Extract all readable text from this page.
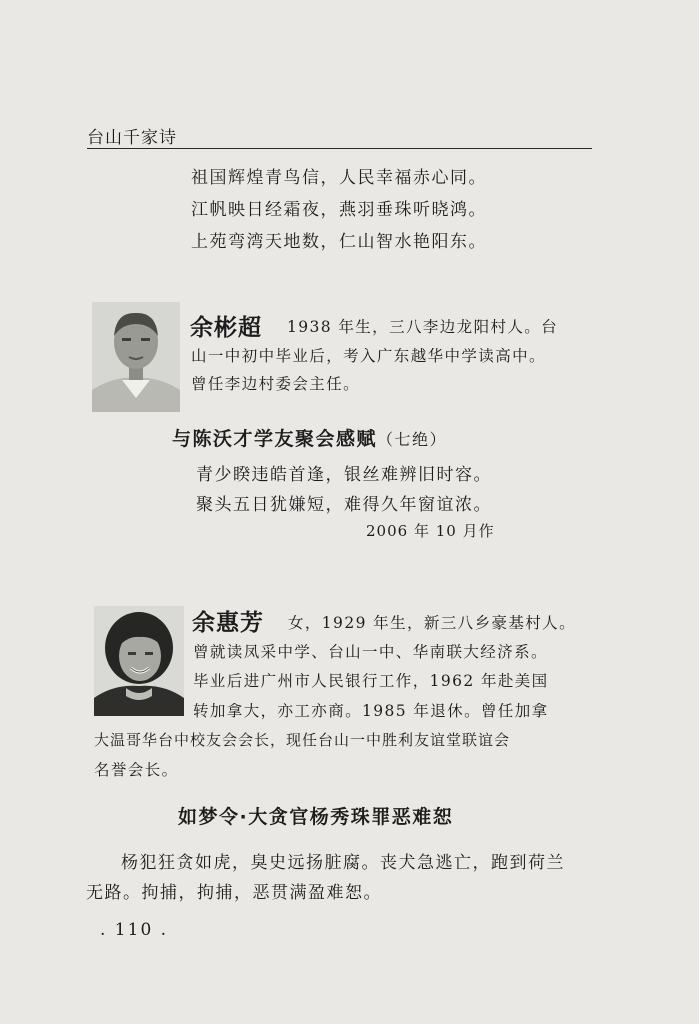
台山千家诗
祖国辉煌青鸟信，人民幸福赤心同。
江帆映日经霜夜，燕羽垂珠听晓鸿。
上苑弯湾天地数，仁山智水艳阳东。
余彬超 1938 年生，三八李边龙阳村人。台
山一中初中毕业后，考入广东越华中学读高中。
曾任李边村委会主任。
与陈沃才学友聚会感赋（七绝）
青少睽违皓首逢，银丝难辨旧时容。
聚头五日犹嫌短，难得久年窗谊浓。
2006 年 10 月作
余惠芳 女，1929 年生，新三八乡豪基村人。
曾就读凤采中学、台山一中、华南联大经济系。
毕业后进广州市人民银行工作，1962 年赴美国
转加拿大，亦工亦商。1985 年退休。曾任加拿
大温哥华台中校友会会长，现任台山一中胜利友谊堂联谊会
名誉会长。
如梦令·大贪官杨秀珠罪恶难恕
杨犯狂贪如虎，臭史远扬脏腐。丧犬急逃亡，跑到荷兰
无路。拘捕，拘捕，恶贯满盈难恕。
. 110 .
